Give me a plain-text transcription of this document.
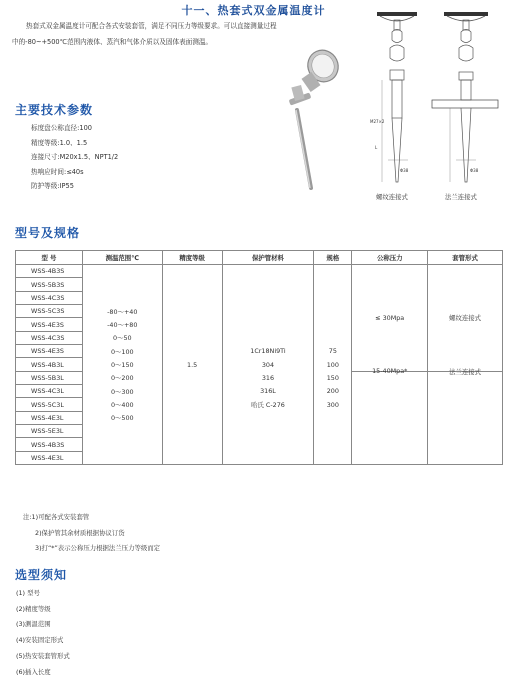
十一、热套式双金属温度计
热套式双金属温度计可配合各式安装套管，满足不同压力等级要求。可以直接测量过程中的-80~+500℃范围内液体、蒸汽和气体介质以及固体表面测温。
主要技术参数
标度盘公称直径:100
精度等级:1.0、1.5
连接尺寸:M20x1.5、NPT1/2
热响应时间:≤40s
防护等级:IP55
M27×2
L
Φ38
螺纹连接式
Φ38
法兰连接式
型号及规格
型 号	测温范围℃	精度等级	保护管材料	规格	公称压力	套管形式
WSS-4B3S		1.5			≤ 30Mpa	螺纹连接式
WSS-5B3S						
WSS-4C3S						
WSS-5C3S	-80～+40					
WSS-4E3S	-40～+80					
WSS-4C3S	0～50					
WSS-4E3S	0～100		1Cr18Ni9Ti	75		
WSS-4B3L	0～150		304	100		
WSS-5B3L	0～200		316	150	15-40Mpa*	法兰连接式

WSS-4C3L	0～300		316L	200		
WSS-5C3L	0～400		哈氏 C-276	300		
WSS-4E3L	0～500					
WSS-5E3L						
WSS-4B3S						
WSS-4E3L						
注:1)可配各式安装套管
2)保护管其余材质根据协议订货
3)打“*”表示公称压力根据法兰压力等级而定
选型须知
(1) 型号
(2)精度等级
(3)测温范围
(4)安装固定形式
(5)热安装套管形式
(6)插入长度
